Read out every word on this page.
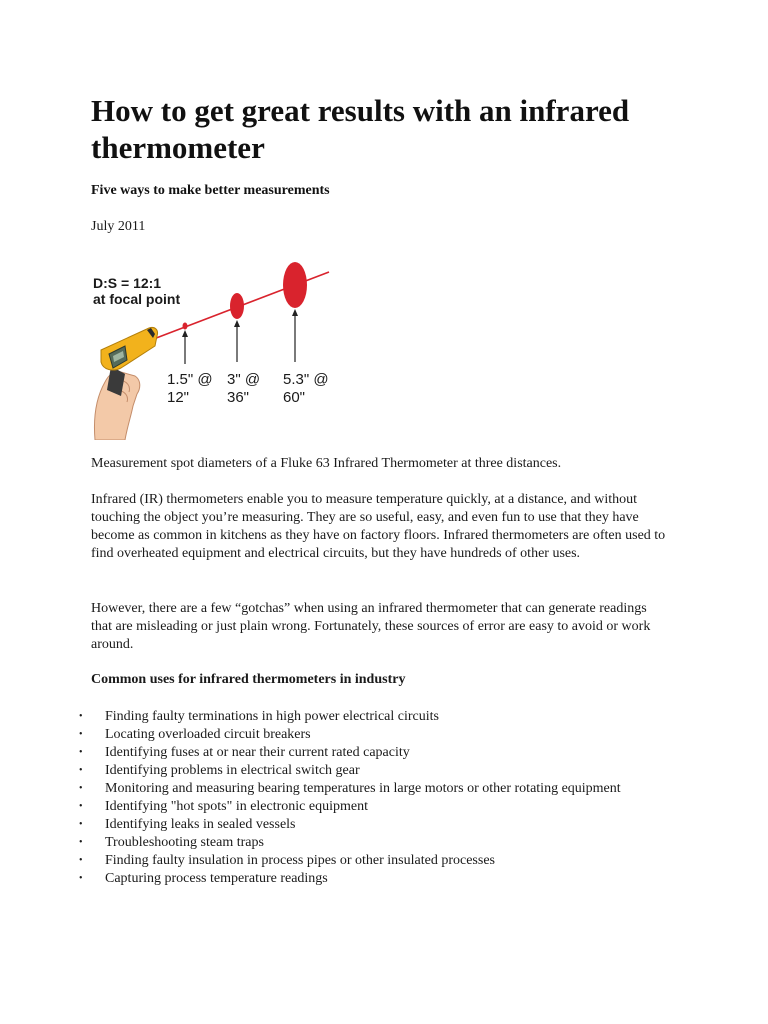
How to get great results with an infrared thermometer

Five ways to make better measurements

July 2011

D:S = 12:1
at focal point
1.5" @
12"
3" @
36"
5.3" @
60"

Measurement spot diameters of a Fluke 63 Infrared Thermometer at three distances.

Infrared (IR) thermometers enable you to measure temperature quickly, at a distance, and without touching the object you’re measuring. They are so useful, easy, and even fun to use that they have become as common in kitchens as they have on factory floors. Infrared thermometers are often used to find overheated equipment and electrical circuits, but they have hundreds of other uses.

However, there are a few “gotchas” when using an infrared thermometer that can generate readings that are misleading or just plain wrong. Fortunately, these sources of error are easy to avoid or work around.

Common uses for infrared thermometers in industry

• Finding faulty terminations in high power electrical circuits
• Locating overloaded circuit breakers
• Identifying fuses at or near their current rated capacity
• Identifying problems in electrical switch gear
• Monitoring and measuring bearing temperatures in large motors or other rotating equipment
• Identifying "hot spots" in electronic equipment
• Identifying leaks in sealed vessels
• Troubleshooting steam traps
• Finding faulty insulation in process pipes or other insulated processes
• Capturing process temperature readings
